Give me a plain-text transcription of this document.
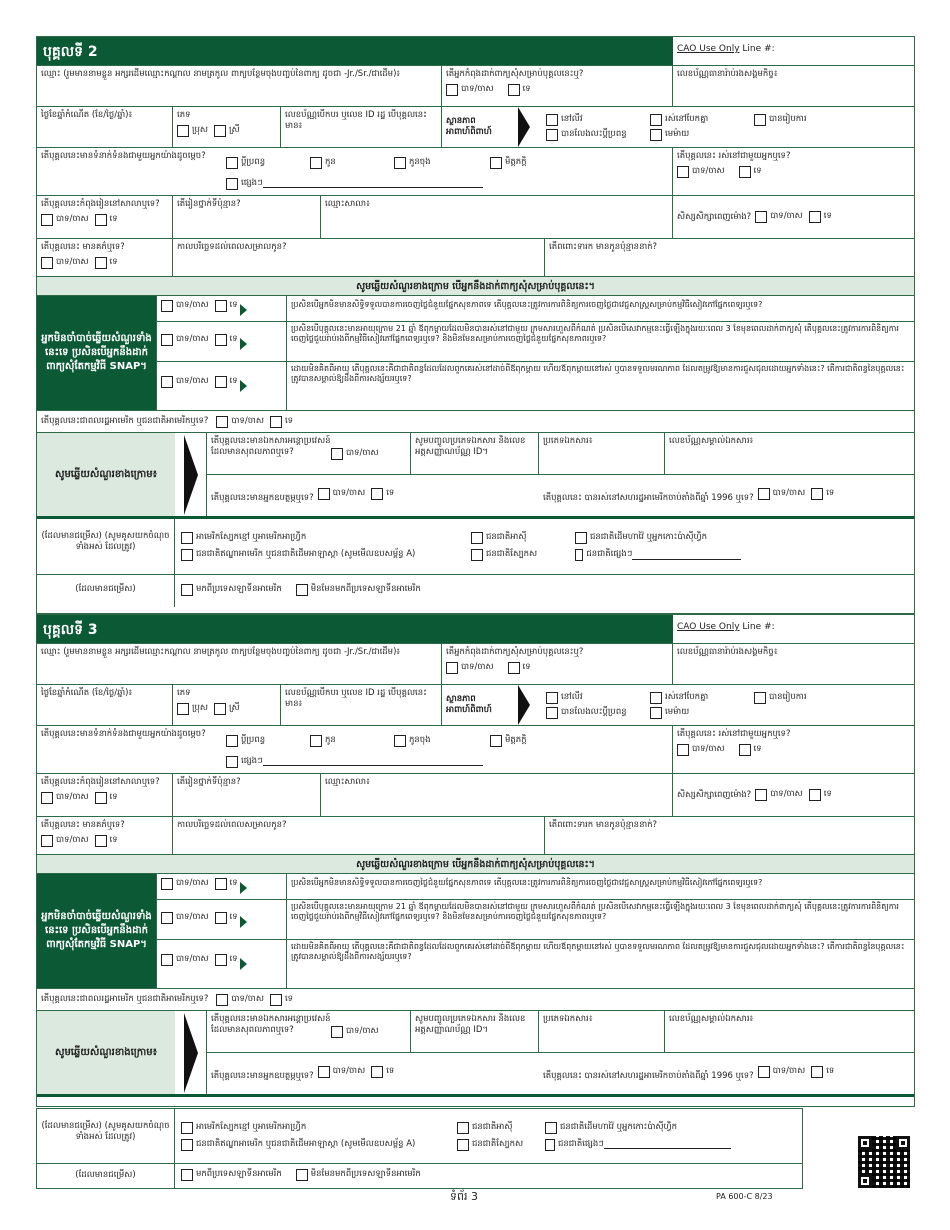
បុគ្គលទី 2	CAO Use Only Line #:
ឈ្មោះ (រួមមាននាមខ្លួន អក្សរដើមឈ្មោះកណ្ដាល នាមត្រកូល ពាក្យបន្ថែមចុងបញ្ចប់នៃពាក្យ ដូចជា -Jr./Sr./ជាដើម)៖	តើអ្នកកំពុងដាក់ពាក្យសុំសម្រាប់បុគ្គលនេះឬ?
បាទ/ចាស	ទេ
លេខប័ណ្ណធានារ៉ាប់រងសង្គមកិច្ច៖
ថ្ងៃខែឆ្នាំកំណើត (ខែ/ថ្ងៃ/ឆ្នាំ)៖	ភេទ
ប្រុស ស្រី
លេខប័ណ្ណបើកបរ ឬលេខ ID រដ្ឋ បើបុគ្គលនេះមាន៖	ស្ថានភាពអាពាហ៍ពិពាហ៍
នៅលីវ	រស់នៅបែកគ្នា	បានរៀបការ
បានលែងលះប្ដីប្រពន្ធ	មេម៉ាយ
តើបុគ្គលនេះមានទំនាក់ទំនងជាមួយអ្នកយ៉ាងដូចម្ដេច?
ប្ដីប្រពន្ធ	កូន	កូនចុង	មិត្តភក្តិ
ផ្សេងៗ
តើបុគ្គលនេះ រស់នៅជាមួយអ្នកឬទេ?
បាទ/ចាស	ទេ
តើបុគ្គលនេះកំពុងរៀននៅសាលាឬទេ?
បាទ/ចាស ទេ
តើរៀនថ្នាក់ទីប៉ុន្មាន?	ឈ្មោះសាលា៖
សិស្សសិក្សាពេញម៉ោង? បាទ/ចាស ទេ
តើបុគ្គលនេះ មានគភ៌ឬទេ?
បាទ/ចាស ទេ
កាលបរិច្ឆេទដល់ពេលសម្រាលកូន?	តើពពោះទារក មានកូនប៉ុន្មាននាក់?
សូមឆ្លើយសំណួរខាងក្រោម បើអ្នកនឹងដាក់ពាក្យសុំសម្រាប់បុគ្គលនេះ។
អ្នកមិនចាំបាច់ឆ្លើយសំណួរទាំងនេះទេ ប្រសិនបើអ្នកនឹងដាក់ពាក្យសុំតែកម្មវិធី SNAP។
បាទ/ចាស ទេ	ប្រសិនបើអ្នកមិនមានសិទ្ធិទទួលបានការចេញថ្លៃជំនួយផ្នែកសុខភាពទេ តើបុគ្គលនេះត្រូវការការពិនិត្យការចេញថ្លៃជាវេជ្ជសាស្ត្រសម្រាប់កម្មវិធីសៀវភៅផ្នែកពេទ្យរឬទេ?
បាទ/ចាស ទេ
ប្រសិនបើបុគ្គលនេះមានអាយុក្រោម 21 ឆ្នាំ ឪពុកម្ដាយដែលមិនបានរស់នៅជាមួយ ក្រមសារហួសពីកំណត់ ប្រសិនបើសេវាកម្មនេះធ្វើឡើងក្នុងរយៈពេល 3 ខែមុនពេលដាក់ពាក្យសុំ តើបុគ្គលនេះត្រូវការការពិនិត្យការចេញថ្លៃជួយរ៉ាប់រងពីកម្មវិធីសៀវភៅផ្នែកពេទ្យរឬទេ? និងមិនមែនសម្រាប់ការចេញថ្លៃជំនួយផ្នែកសុខភាពរឬទេ?
បាទ/ចាស ទេ
ដោយមិនគិតពីអាយុ តើបុគ្គលនេះគឺជាជាតិពន្ធដែលដែលពួកគេរស់នៅដាច់ពីឪពុកម្ដាយ ហើយឪពុកម្ដាយនៅរស់ ឬបានទទួលមរណភាព ដែលតម្រូវឱ្យមានការជួសជុលដោយអ្នកទាំងនេះ? តើការជាតិពន្ធនៃបុគ្គលនេះត្រូវបានសម្គាល់ឱ្យដឹងពីការសង្ស័យរឬទេ?
តើបុគ្គលនេះជាពលរដ្ឋអាមេរិក ឬជនជាតិអាមេរិកឬទេ?	បាទ/ចាស ទេ
សូមឆ្លើយសំណួរខាងក្រោម៖
តើបុគ្គលនេះមានឯកសារអន្តោប្រវេសន៍ដែលមានសុពលភាពឬទេ?	បាទ/ចាស
សូមបញ្ចូលប្រភេទឯកសារ និងលេខអត្តសញ្ញាណប័ណ្ណ ID។
ប្រភេទឯកសារ៖	លេខប័ណ្ណសម្គាល់ឯកសារ៖
តើបុគ្គលនេះមានអ្នកឧបត្ថម្ភឬទេ? បាទ/ចាស ទេ	តើបុគ្គលនេះ បានរស់នៅសហរដ្ឋអាមេរិកចាប់តាំងពីឆ្នាំ 1996 ឬទេ? បាទ/ចាស ទេ
(ដែលមានជម្រើស) (សូមគូសយកចំណុចទាំងអស់ ដែលត្រូវ)
អាមេរិកស្បែកខ្មៅ ឬអាមេរិកអាហ្វ្រិក	ជនជាតិអាស៊ី	ជនជាតិដើមហាវ៉ៃ ឬអ្នកកោះប៉ាស៊ីហ្វិក
ជនជាតិឥណ្ឌាអាមេរិក ឬជនជាតិដើមអាឡាស្កា (សូមមើលឧបសម្ព័ន្ធ A)	ជនជាតិស្បែកស	ជនជាតិផ្សេងៗ
(ដែលមានជម្រើស)	មកពីប្រទេសឡាទីនអាមេរិក	មិនមែនមកពីប្រទេសឡាទីនអាមេរិក
បុគ្គលទី 3	CAO Use Only Line #:
ឈ្មោះ (រួមមាននាមខ្លួន អក្សរដើមឈ្មោះកណ្ដាល នាមត្រកូល ពាក្យបន្ថែមចុងបញ្ចប់នៃពាក្យ ដូចជា -Jr./Sr./ជាដើម)៖	តើអ្នកកំពុងដាក់ពាក្យសុំសម្រាប់បុគ្គលនេះឬ?
បាទ/ចាស	ទេ
លេខប័ណ្ណធានារ៉ាប់រងសង្គមកិច្ច៖
ថ្ងៃខែឆ្នាំកំណើត (ខែ/ថ្ងៃ/ឆ្នាំ)៖	ភេទ
ប្រុស ស្រី
លេខប័ណ្ណបើកបរ ឬលេខ ID រដ្ឋ បើបុគ្គលនេះមាន៖	ស្ថានភាពអាពាហ៍ពិពាហ៍
នៅលីវ	រស់នៅបែកគ្នា	បានរៀបការ
បានលែងលះប្ដីប្រពន្ធ	មេម៉ាយ
តើបុគ្គលនេះមានទំនាក់ទំនងជាមួយអ្នកយ៉ាងដូចម្ដេច?
ប្ដីប្រពន្ធ	កូន	កូនចុង	មិត្តភក្តិ
ផ្សេងៗ
តើបុគ្គលនេះ រស់នៅជាមួយអ្នកឬទេ?
បាទ/ចាស	ទេ
តើបុគ្គលនេះកំពុងរៀននៅសាលាឬទេ?
បាទ/ចាស ទេ
តើរៀនថ្នាក់ទីប៉ុន្មាន?	ឈ្មោះសាលា៖
សិស្សសិក្សាពេញម៉ោង? បាទ/ចាស ទេ
តើបុគ្គលនេះ មានគភ៌ឬទេ?
បាទ/ចាស ទេ
កាលបរិច្ឆេទដល់ពេលសម្រាលកូន?	តើពពោះទារក មានកូនប៉ុន្មាននាក់?
សូមឆ្លើយសំណួរខាងក្រោម បើអ្នកនឹងដាក់ពាក្យសុំសម្រាប់បុគ្គលនេះ។
អ្នកមិនចាំបាច់ឆ្លើយសំណួរទាំងនេះទេ ប្រសិនបើអ្នកនឹងដាក់ពាក្យសុំតែកម្មវិធី SNAP។
បាទ/ចាស ទេ	ប្រសិនបើអ្នកមិនមានសិទ្ធិទទួលបានការចេញថ្លៃជំនួយផ្នែកសុខភាពទេ តើបុគ្គលនេះត្រូវការការពិនិត្យការចេញថ្លៃជាវេជ្ជសាស្ត្រសម្រាប់កម្មវិធីសៀវភៅផ្នែកពេទ្យរឬទេ?
បាទ/ចាស ទេ
ប្រសិនបើបុគ្គលនេះមានអាយុក្រោម 21 ឆ្នាំ ឪពុកម្ដាយដែលមិនបានរស់នៅជាមួយ ក្រមសារហួសពីកំណត់ ប្រសិនបើសេវាកម្មនេះធ្វើឡើងក្នុងរយៈពេល 3 ខែមុនពេលដាក់ពាក្យសុំ តើបុគ្គលនេះត្រូវការការពិនិត្យការចេញថ្លៃជួយរ៉ាប់រងពីកម្មវិធីសៀវភៅផ្នែកពេទ្យរឬទេ? និងមិនមែនសម្រាប់ការចេញថ្លៃជំនួយផ្នែកសុខភាពរឬទេ?
បាទ/ចាស ទេ
ដោយមិនគិតពីអាយុ តើបុគ្គលនេះគឺជាជាតិពន្ធដែលដែលពួកគេរស់នៅដាច់ពីឪពុកម្ដាយ ហើយឪពុកម្ដាយនៅរស់ ឬបានទទួលមរណភាព ដែលតម្រូវឱ្យមានការជួសជុលដោយអ្នកទាំងនេះ? តើការជាតិពន្ធនៃបុគ្គលនេះត្រូវបានសម្គាល់ឱ្យដឹងពីការសង្ស័យរឬទេ?
តើបុគ្គលនេះជាពលរដ្ឋអាមេរិក ឬជនជាតិអាមេរិកឬទេ?	បាទ/ចាស ទេ
សូមឆ្លើយសំណួរខាងក្រោម៖
តើបុគ្គលនេះមានឯកសារអន្តោប្រវេសន៍ដែលមានសុពលភាពឬទេ?	បាទ/ចាស
សូមបញ្ចូលប្រភេទឯកសារ និងលេខអត្តសញ្ញាណប័ណ្ណ ID។
ប្រភេទឯកសារ៖	លេខប័ណ្ណសម្គាល់ឯកសារ៖
តើបុគ្គលនេះមានអ្នកឧបត្ថម្ភឬទេ? បាទ/ចាស ទេ	តើបុគ្គលនេះ បានរស់នៅសហរដ្ឋអាមេរិកចាប់តាំងពីឆ្នាំ 1996 ឬទេ? បាទ/ចាស ទេ
(ដែលមានជម្រើស) (សូមគូសយកចំណុចទាំងអស់ ដែលត្រូវ)
អាមេរិកស្បែកខ្មៅ ឬអាមេរិកអាហ្វ្រិក	ជនជាតិអាស៊ី	ជនជាតិដើមហាវ៉ៃ ឬអ្នកកោះប៉ាស៊ីហ្វិក
ជនជាតិឥណ្ឌាអាមេរិក ឬជនជាតិដើមអាឡាស្កា (សូមមើលឧបសម្ព័ន្ធ A)	ជនជាតិស្បែកស	ជនជាតិផ្សេងៗ
(ដែលមានជម្រើស)	មកពីប្រទេសឡាទីនអាមេរិក	មិនមែនមកពីប្រទេសឡាទីនអាមេរិក
ទំព័រ 3	PA 600-C 8/23
